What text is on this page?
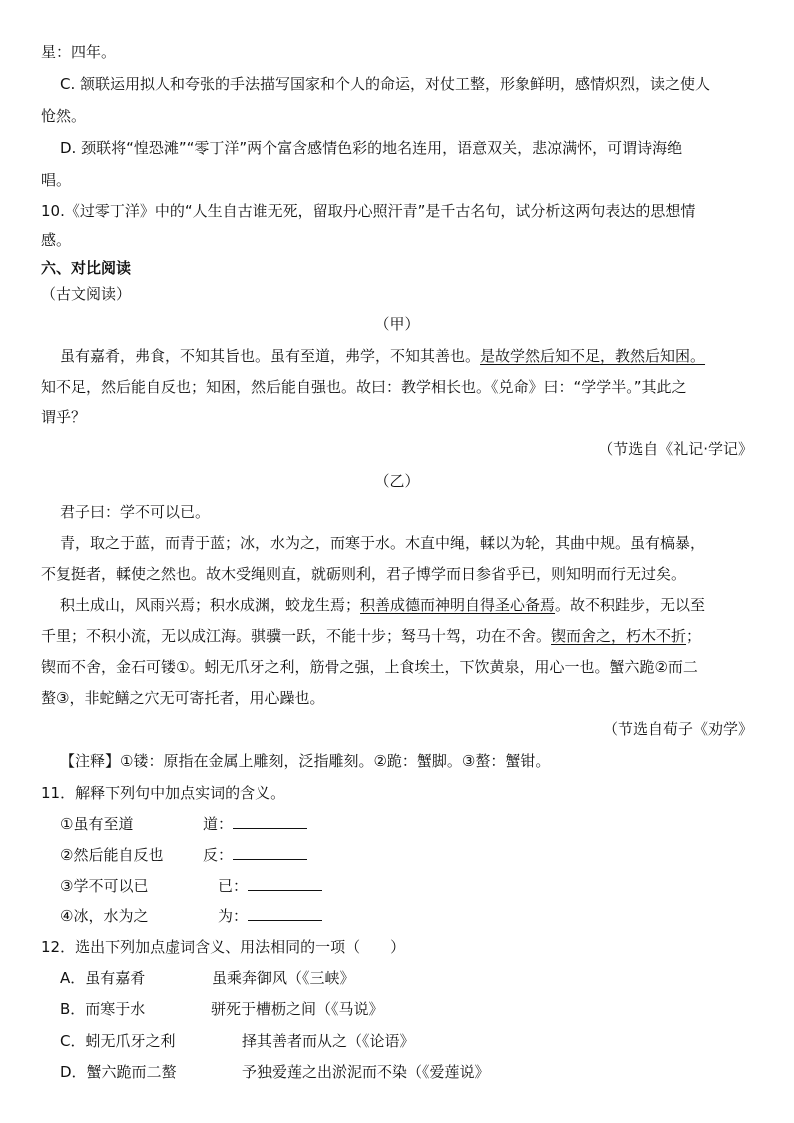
星：四年。
C. 颔联运用拟人和夸张的手法描写国家和个人的命运，对仗工整，形象鲜明，感情炽烈，读之使人
怆然。
D. 颈联将“惶恐滩”“零丁洋”两个富含感情色彩的地名连用，语意双关，悲凉满怀，可谓诗海绝
唱。
10.《过零丁洋》中的“人生自古谁无死，留取丹心照汗青”是千古名句，试分析这两句表达的思想情
感。
六、对比阅读
（古文阅读）
（甲）
虽有嘉肴，弗食，不知其旨也。虽有至道，弗学，不知其善也。是故学然后知不足，教然后知困。
知不足，然后能自反也；知困，然后能自强也。故曰：教学相长也。《兑命》曰：“学学半。”其此之
谓乎？
（节选自《礼记·学记》
（乙）
君子曰：学不可以已。
青，取之于蓝，而青于蓝；冰，水为之，而寒于水。木直中绳，輮以为轮，其曲中规。虽有槁暴，
不复挺者，輮使之然也。故木受绳则直，就砺则利，君子博学而日参省乎已，则知明而行无过矣。
积土成山，风雨兴焉；积水成渊，蛟龙生焉；积善成德而神明自得圣心备焉。故不积跬步，无以至
千里；不积小流，无以成江海。骐骥一跃，不能十步；驽马十驾，功在不舍。锲而舍之，朽木不折；
锲而不舍，金石可镂①。蚓无爪牙之利，筋骨之强，上食埃土，下饮黄泉，用心一也。蟹六跪②而二
螯③，非蛇鳝之穴无可寄托者，用心躁也。
（节选自荀子《劝学》
【注释】①镂：原指在金属上雕刻，泛指雕刻。②跪：蟹脚。③螯：蟹钳。
11．解释下列句中加点实词的含义。
①虽有至道	道：
②然后能自反也	反：
③学不可以已	已：
④冰，水为之	为：
12．选出下列加点虚词含义、用法相同的一项（　　）
A．虽有嘉肴	虽乘奔御风（《三峡》
B．而寒于水	骈死于槽枥之间（《马说》
C．蚓无爪牙之利	择其善者而从之（《论语》
D．蟹六跪而二螯	予独爱莲之出淤泥而不染（《爱莲说》
